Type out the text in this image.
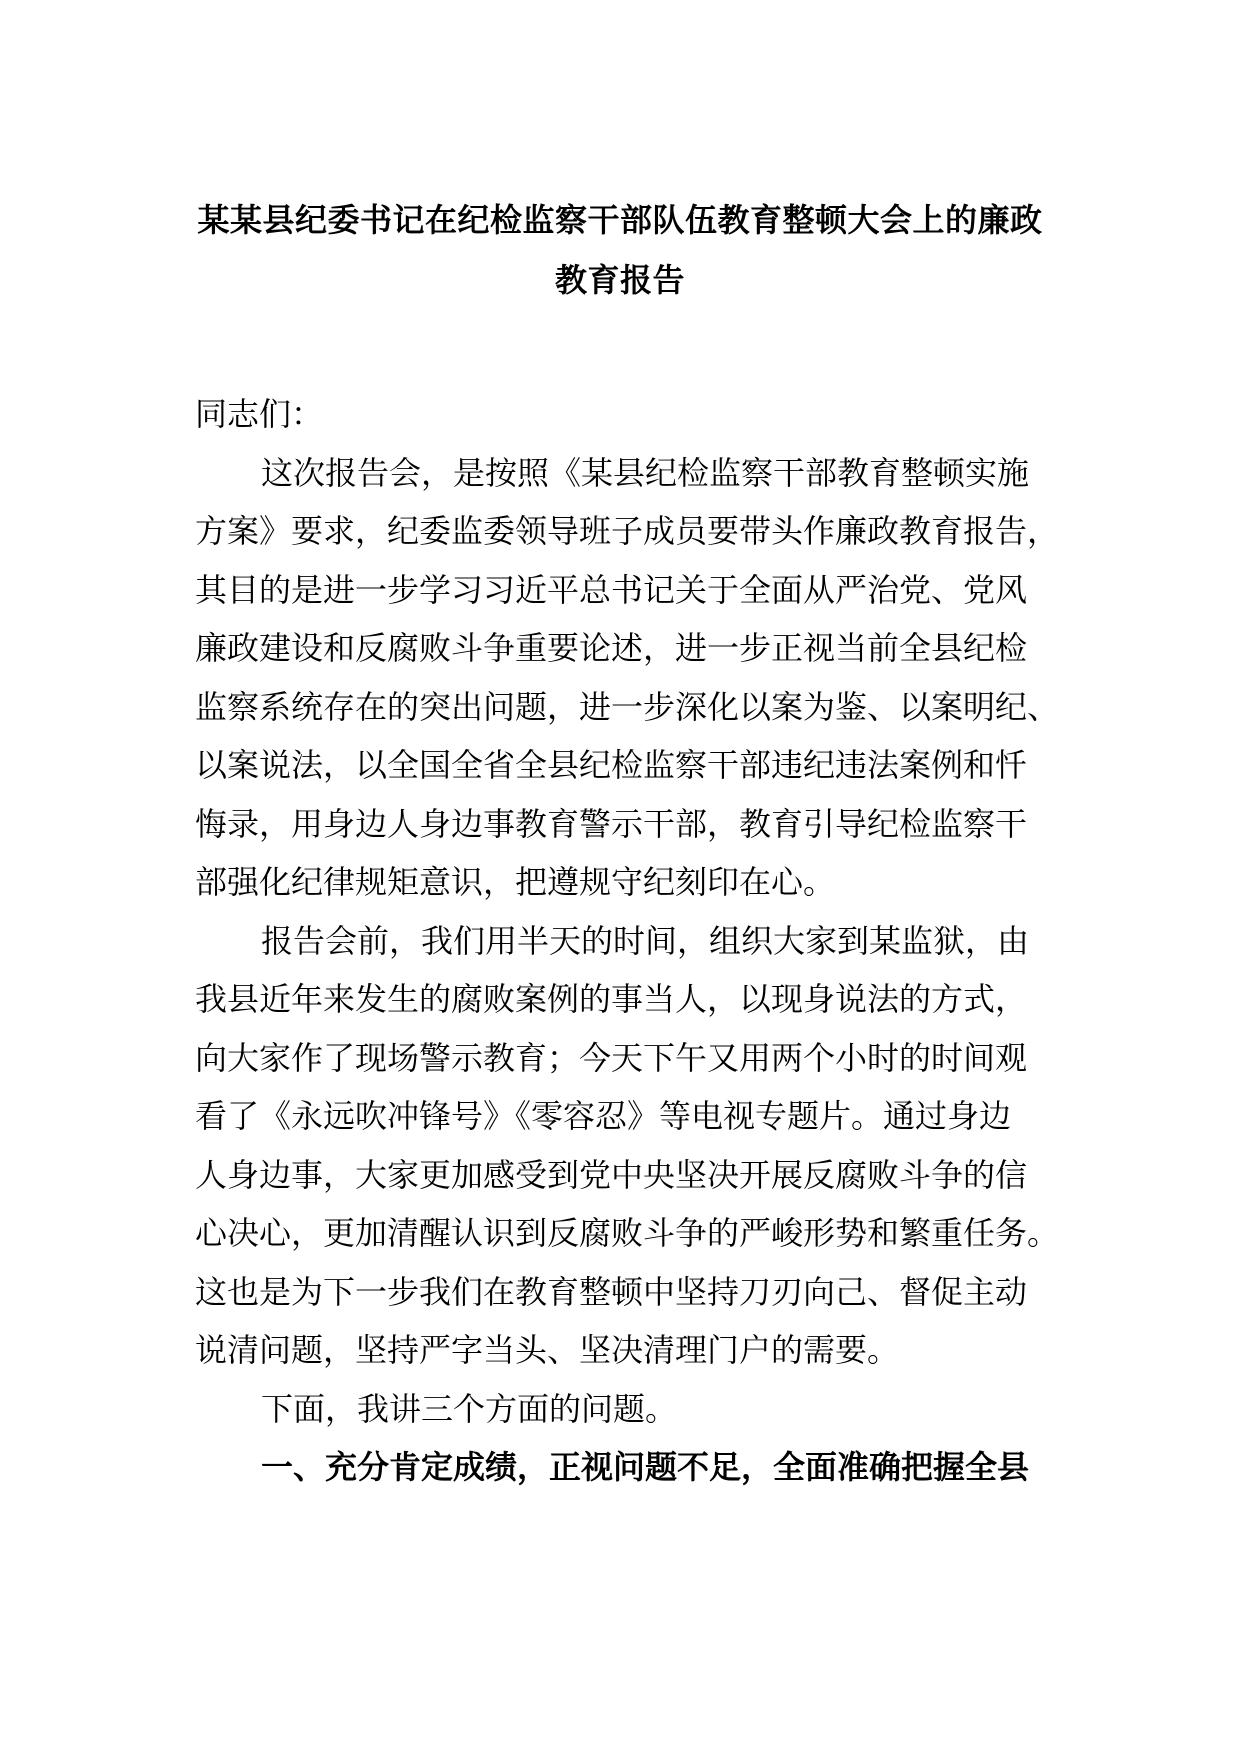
某某县纪委书记在纪检监察干部队伍教育整顿大会上的廉政
教育报告
同志们：
这次报告会，是按照《某县纪检监察干部教育整顿实施
方案》要求，纪委监委领导班子成员要带头作廉政教育报告，
其目的是进一步学习习近平总书记关于全面从严治党、党风
廉政建设和反腐败斗争重要论述，进一步正视当前全县纪检
监察系统存在的突出问题，进一步深化以案为鉴、以案明纪、
以案说法，以全国全省全县纪检监察干部违纪违法案例和忏
悔录，用身边人身边事教育警示干部，教育引导纪检监察干
部强化纪律规矩意识，把遵规守纪刻印在心。
报告会前，我们用半天的时间，组织大家到某监狱，由
我县近年来发生的腐败案例的事当人，以现身说法的方式，
向大家作了现场警示教育；今天下午又用两个小时的时间观
看了《永远吹冲锋号》《零容忍》等电视专题片。通过身边
人身边事，大家更加感受到党中央坚决开展反腐败斗争的信
心决心，更加清醒认识到反腐败斗争的严峻形势和繁重任务。
这也是为下一步我们在教育整顿中坚持刀刃向己、督促主动
说清问题，坚持严字当头、坚决清理门户的需要。
下面，我讲三个方面的问题。
一、充分肯定成绩，正视问题不足，全面准确把握全县
